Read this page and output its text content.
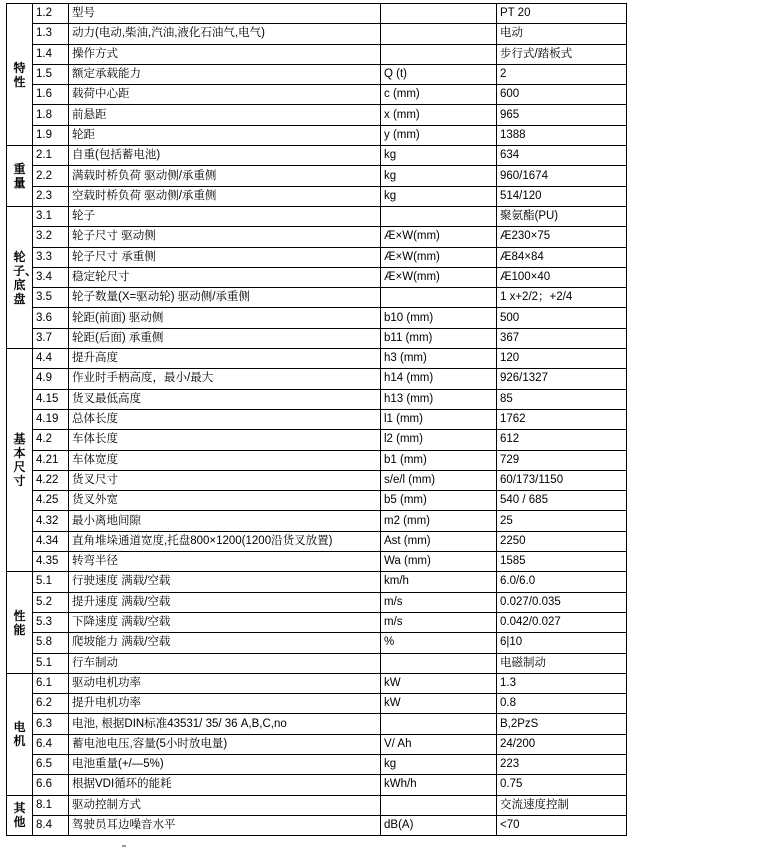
特性	1.2	型号		PT 20
	1.3	动力(电动,柴油,汽油,液化石油气,电气)		电动
	1.4	操作方式		步行式/踏板式
	1.5	额定承载能力	Q (t)	2
	1.6	载荷中心距	c (mm)	600
	1.8	前悬距	x (mm)	965
	1.9	轮距	y (mm)	1388
重量	2.1	自重(包括蓄电池)	kg	634
	2.2	满载时桥负荷 驱动侧/承重侧	kg	960/1674
	2.3	空载时桥负荷 驱动侧/承重侧	kg	514/120
轮子、底盘	3.1	轮子		聚氨酯(PU)
	3.2	轮子尺寸 驱动侧	Æ×W(mm)	Æ230×75
	3.3	轮子尺寸 承重侧	Æ×W(mm)	Æ84×84
	3.4	稳定轮尺寸	Æ×W(mm)	Æ100×40
	3.5	轮子数量(X=驱动轮) 驱动侧/承重侧		1 x+2/2；+2/4
	3.6	轮距(前面) 驱动侧	b10 (mm)	500
	3.7	轮距(后面) 承重侧	b11 (mm)	367
基本尺寸	4.4	提升高度	h3 (mm)	120
	4.9	作业时手柄高度，最小/最大	h14 (mm)	926/1327
	4.15	货叉最低高度	h13 (mm)	85
	4.19	总体长度	l1 (mm)	1762
	4.2	车体长度	l2 (mm)	612
	4.21	车体宽度	b1 (mm)	729
	4.22	货叉尺寸	s/e/l (mm)	60/173/1150
	4.25	货叉外宽	b5 (mm)	540 / 685
	4.32	最小离地间隙	m2 (mm)	25
	4.34	直角堆垛通道宽度,托盘800×1200(1200沿货叉放置)	Ast (mm)	2250
	4.35	转弯半径	Wa (mm)	1585
性能	5.1	行驶速度 满载/空载	km/h	6.0/6.0
	5.2	提升速度 满载/空载	m/s	0.027/0.035
	5.3	下降速度 满载/空载	m/s	0.042/0.027
	5.8	爬坡能力 满载/空载	%	6|10
	5.1	行车制动		电磁制动
电机	6.1	驱动电机功率	kW	1.3
	6.2	提升电机功率	kW	0.8
	6.3	电池, 根据DIN标准43531/ 35/ 36 A,B,C,no		B,2PzS
	6.4	蓄电池电压,容量(5小时放电量)	V/ Ah	24/200
	6.5	电池重量(+/—5%)	kg	223
	6.6	根据VDI循环的能耗	kWh/h	0.75
其他	8.1	驱动控制方式		交流速度控制
	8.4	驾驶员耳边噪音水平	dB(A)	<70
